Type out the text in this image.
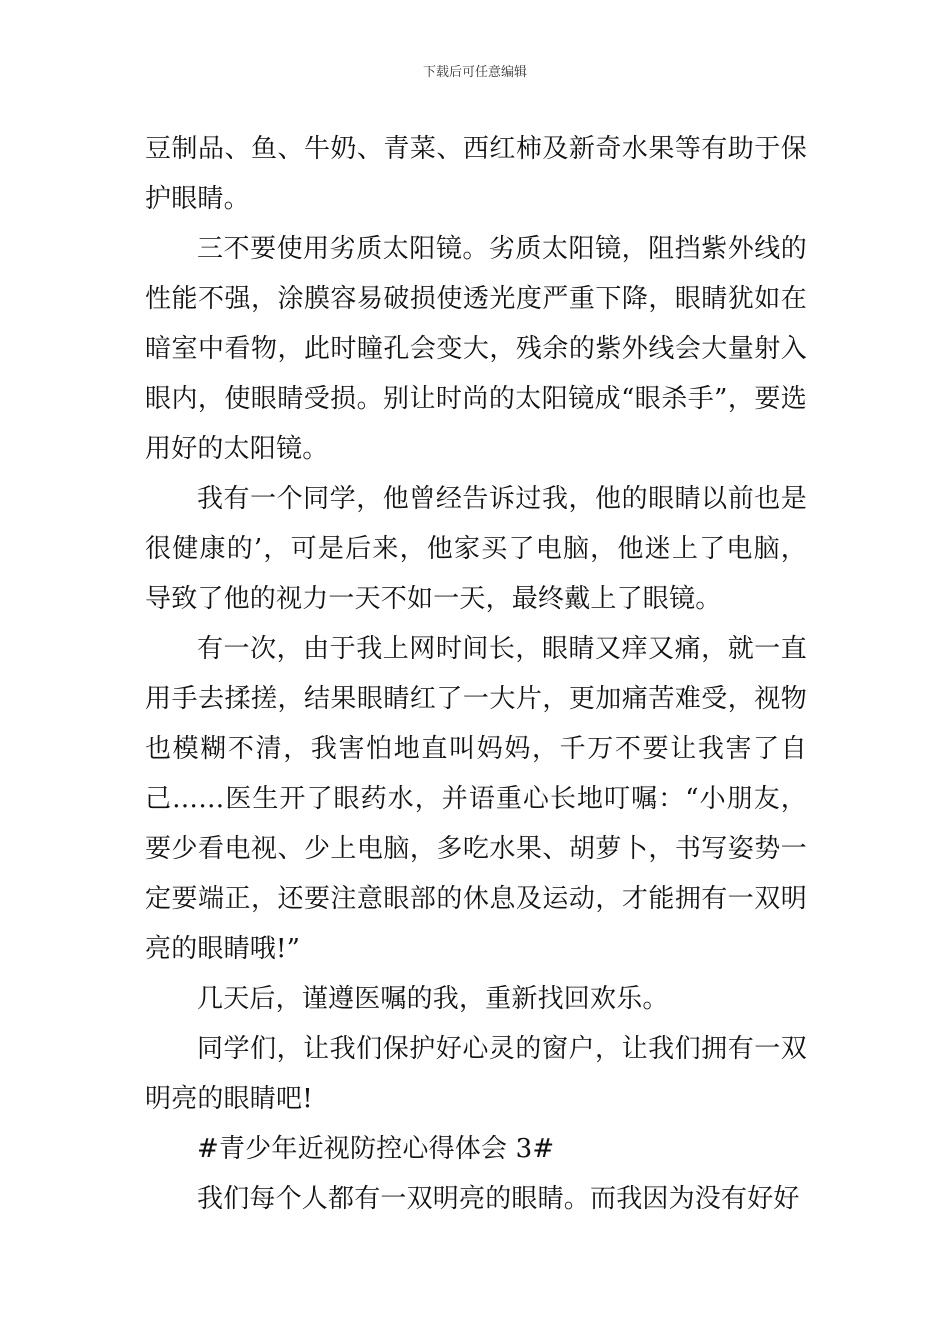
下载后可任意编辑

豆制品、鱼、牛奶、青菜、西红柿及新奇水果等有助于保护眼睛。

三不要使用劣质太阳镜。劣质太阳镜，阻挡紫外线的性能不强，涂膜容易破损使透光度严重下降，眼睛犹如在暗室中看物，此时瞳孔会变大，残余的紫外线会大量射入眼内，使眼睛受损。别让时尚的太阳镜成“眼杀手”，要选用好的太阳镜。

我有一个同学，他曾经告诉过我，他的眼睛以前也是很健康的’，可是后来，他家买了电脑，他迷上了电脑，导致了他的视力一天不如一天，最终戴上了眼镜。

有一次，由于我上网时间长，眼睛又痒又痛，就一直用手去揉搓，结果眼睛红了一大片，更加痛苦难受，视物也模糊不清，我害怕地直叫妈妈，千万不要让我害了自己……医生开了眼药水，并语重心长地叮嘱：“小朋友，要少看电视、少上电脑，多吃水果、胡萝卜，书写姿势一定要端正，还要注意眼部的休息及运动，才能拥有一双明亮的眼睛哦!”

几天后，谨遵医嘱的我，重新找回欢乐。

同学们，让我们保护好心灵的窗户，让我们拥有一双明亮的眼睛吧!

#青少年近视防控心得体会 3#

我们每个人都有一双明亮的眼睛。而我因为没有好好
